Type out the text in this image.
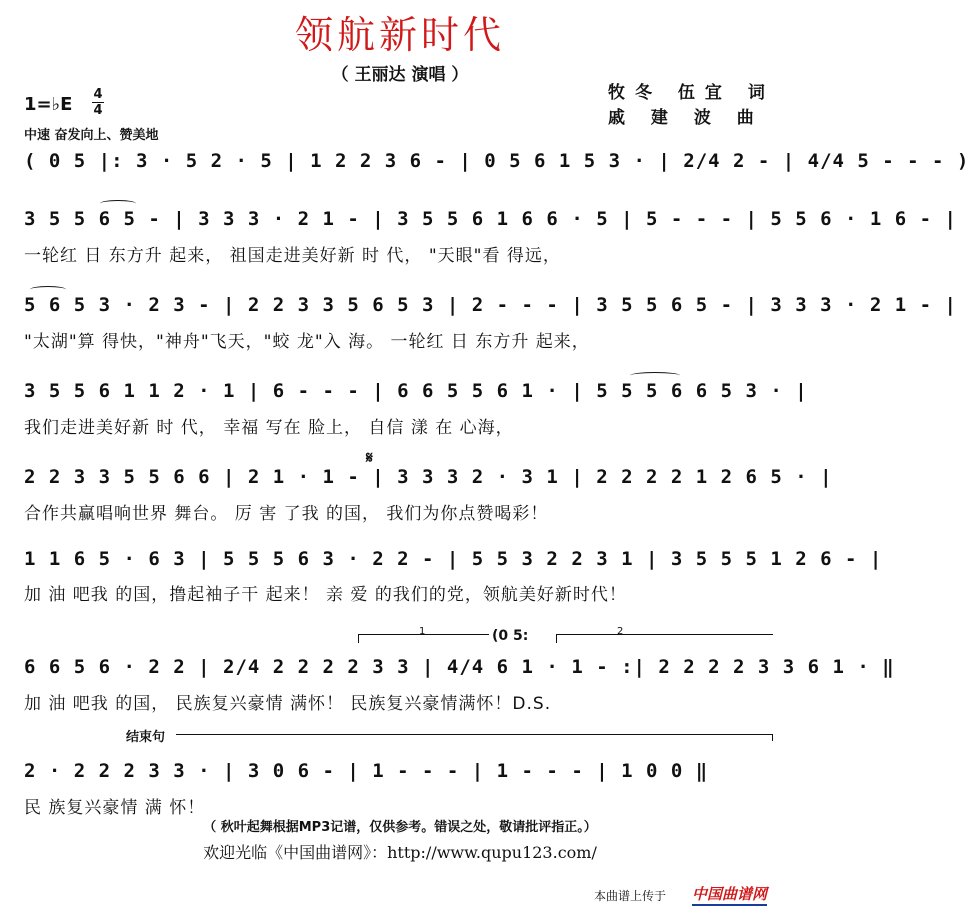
领航新时代
（ 王丽达 演唱 ）
牧冬 伍宜 词
戚 建 波 曲
1=♭E 4
4
中速 奋发向上、赞美地
( 0 5 |: 3 · 5 2 · 5 | 1 2 2 3 6 - | 0 5 6 1 5 3 · | 2/4 2 - | 4/4 5 - - - )
3 5 5 6 5 - | 3 3 3 · 2 1 - | 3 5 5 6 1 6 6 · 5 | 5 - - - | 5 5 6 · 1 6 - |
一轮红 日 东方升 起来， 祖国走进美好新 时 代， "天眼"看 得远，
5 6 5 3 · 2 3 - | 2 2 3 3 5 6 5 3 | 2 - - - | 3 5 5 6 5 - | 3 3 3 · 2 1 - |
"太湖"算 得快，"神舟"飞天，"蛟 龙"入 海。 一轮红 日 东方升 起来，
3 5 5 6 1 1 2 · 1 | 6 - - - | 6 6 5 5 6 1 · | 5 5 5 6 6 5 3 · |
我们走进美好新 时 代， 幸福 写在 脸上， 自信 漾 在 心海，
𝄋
2 2 3 3 5 5 6 6 | 2 1 · 1 - | 3 3 3 2 · 3 1 | 2 2 2 2 1 2 6 5 · |
合作共赢唱响世界 舞台。 厉 害 了我 的国， 我们为你点赞喝彩！
1 1 6 5 · 6 3 | 5 5 5 6 3 · 2 2 - | 5 5 3 2 2 3 1 | 3 5 5 5 1 2 6 - |
加 油 吧我 的国，撸起袖子干 起来！ 亲 爱 的我们的党，领航美好新时代！
1	(0 5:	2
6 6 5 6 · 2 2 | 2/4 2 2 2 2 3 3 | 4/4 6 1 · 1 - :| 2 2 2 2 3 3 6 1 · ‖
加 油 吧我 的国， 民族复兴豪情 满怀！ 民族复兴豪情满怀！D.S.
结束句
2 · 2 2 2 3 3 · | 3 0 6 - | 1 - - - | 1 - - - | 1 0 0 ‖
民 族复兴豪情 满 怀！
（ 秋叶起舞根据MP3记谱，仅供参考。错误之处，敬请批评指正。）
欢迎光临《中国曲谱网》：http://www.qupu123.com/
本曲谱上传于 中国曲谱网
